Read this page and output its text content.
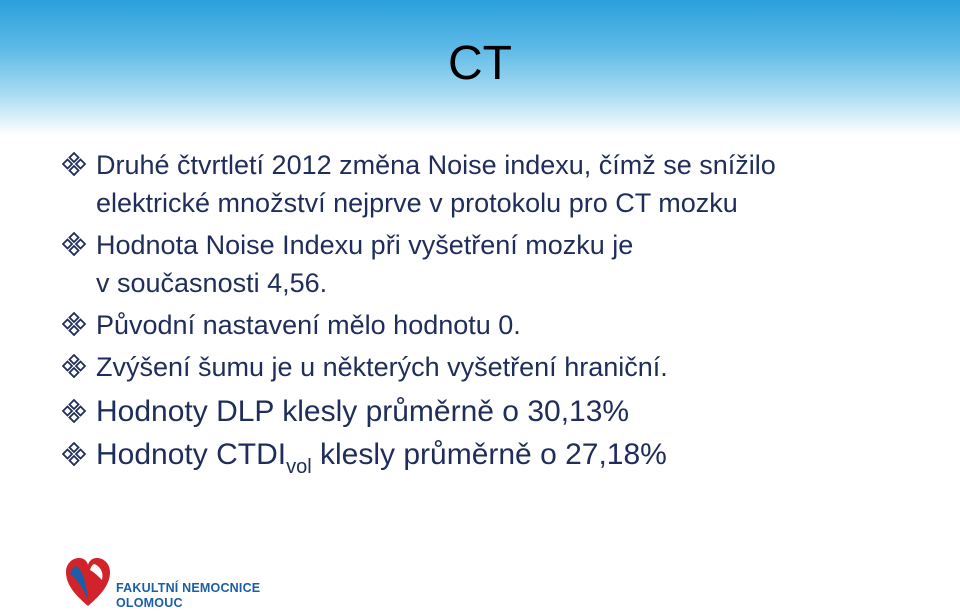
CT
Druhé čtvrtletí 2012 změna Noise indexu, čímž se snížilo
elektrické množství nejprve v protokolu pro CT mozku
Hodnota Noise Indexu při vyšetření mozku je
v současnosti 4,56.
Původní nastavení mělo hodnotu 0.
Zvýšení šumu je u některých vyšetření hraniční.
Hodnoty DLP klesly průměrně o 30,13%
Hodnoty $CTDI_{vol}$ klesly průměrně o 27,18%
FAKULTNÍ NEMOCNICE
OLOMOUC
